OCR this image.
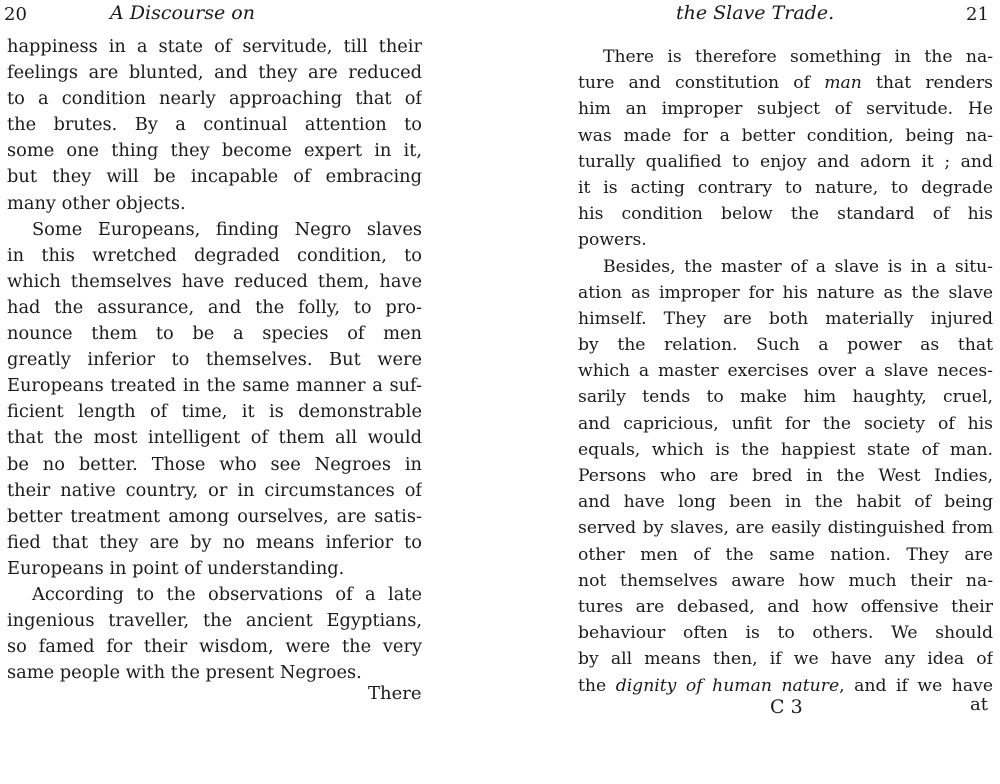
20	A Discourse on
happiness in a state of servitude, till their
feelings are blunted, and they are reduced
to a condition nearly approaching that of
the brutes. By a continual attention to
some one thing they become expert in it,
but they will be incapable of embracing
many other objects.
Some Europeans, finding Negro slaves
in this wretched degraded condition, to
which themselves have reduced them, have
had the assurance, and the folly, to pro-
nounce them to be a species of men
greatly inferior to themselves. But were
Europeans treated in the same manner a suf-
ficient length of time, it is demonstrable
that the most intelligent of them all would
be no better. Those who see Negroes in
their native country, or in circumstances of
better treatment among ourselves, are satis-
fied that they are by no means inferior to
Europeans in point of understanding.
According to the observations of a late
ingenious traveller, the ancient Egyptians,
so famed for their wisdom, were the very
same people with the present Negroes.
There
the Slave Trade.	21
There is therefore something in the na-
ture and constitution of man that renders
him an improper subject of servitude. He
was made for a better condition, being na-
turally qualified to enjoy and adorn it ; and
it is acting contrary to nature, to degrade
his condition below the standard of his
powers.
Besides, the master of a slave is in a situ-
ation as improper for his nature as the slave
himself. They are both materially injured
by the relation. Such a power as that
which a master exercises over a slave neces-
sarily tends to make him haughty, cruel,
and capricious, unfit for the society of his
equals, which is the happiest state of man.
Persons who are bred in the West Indies,
and have long been in the habit of being
served by slaves, are easily distinguished from
other men of the same nation. They are
not themselves aware how much their na-
tures are debased, and how offensive their
behaviour often is to others. We should
by all means then, if we have any idea of
the dignity of human nature, and if we have
C 3	at
